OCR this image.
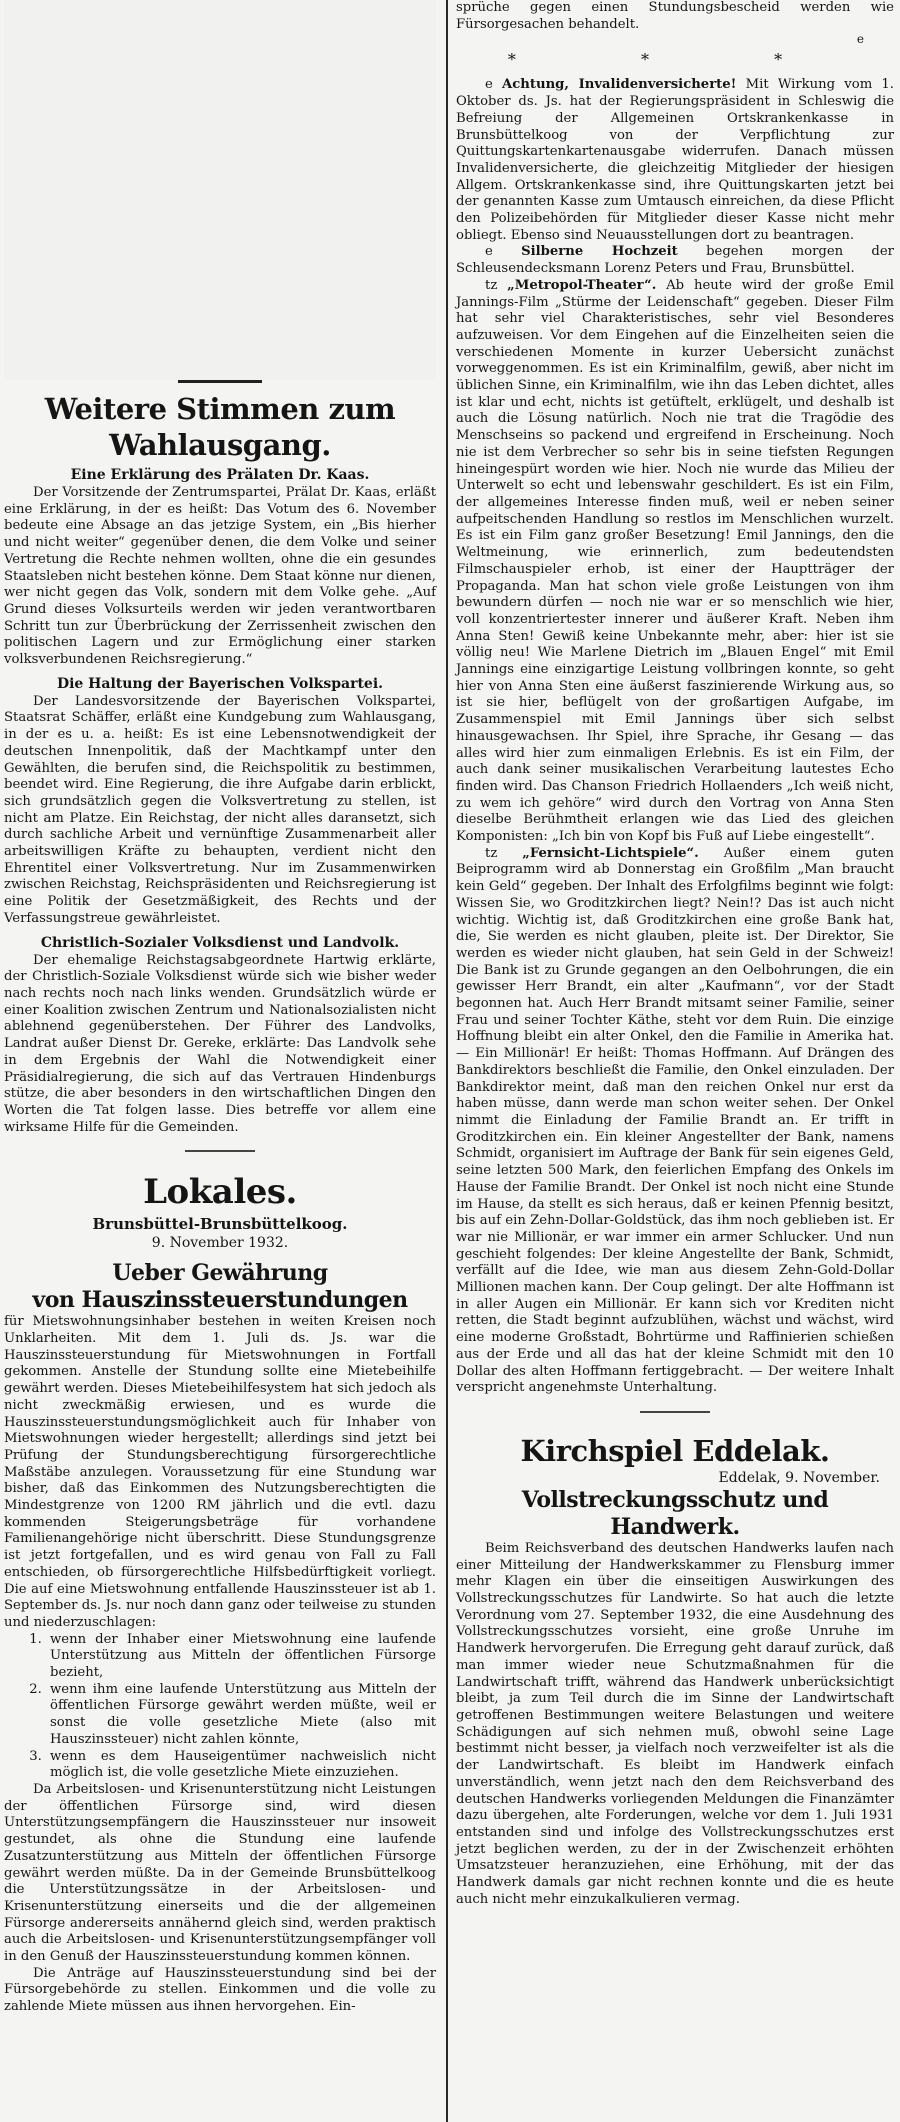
Weitere Stimmen zum Wahlausgang.
Eine Erklärung des Prälaten Dr. Kaas.

Der Vorsitzende der Zentrumspartei, Prälat Dr. Kaas, erläßt eine Erklärung, in der es heißt: Das Votum des 6. November bedeute eine Absage an das jetzige System, ein „Bis hierher und nicht weiter“ gegenüber denen, die dem Volke und seiner Vertretung die Rechte nehmen wollten, ohne die ein gesundes Staatsleben nicht bestehen könne. Dem Staat könne nur dienen, wer nicht gegen das Volk, sondern mit dem Volke gehe. „Auf Grund dieses Volksurteils werden wir jeden verantwortbaren Schritt tun zur Überbrückung der Zerrissenheit zwischen den politischen Lagern und zur Ermöglichung einer starken volksverbundenen Reichsregierung.“

Die Haltung der Bayerischen Volkspartei.

Der Landesvorsitzende der Bayerischen Volkspartei, Staatsrat Schäffer, erläßt eine Kundgebung zum Wahlausgang, in der es u. a. heißt: Es ist eine Lebensnotwendigkeit der deutschen Innenpolitik, daß der Machtkampf unter den Gewählten, die berufen sind, die Reichspolitik zu bestimmen, beendet wird. Eine Regierung, die ihre Aufgabe darin erblickt, sich grundsätzlich gegen die Volksvertretung zu stellen, ist nicht am Platze. Ein Reichstag, der nicht alles daransetzt, sich durch sachliche Arbeit und vernünftige Zusammenarbeit aller arbeitswilligen Kräfte zu behaupten, verdient nicht den Ehrentitel einer Volksvertretung. Nur im Zusammenwirken zwischen Reichstag, Reichspräsidenten und Reichsregierung ist eine Politik der Gesetzmäßigkeit, des Rechts und der Verfassungstreue gewährleistet.

Christlich-Sozialer Volksdienst und Landvolk.

Der ehemalige Reichstagsabgeordnete Hartwig erklärte, der Christlich-Soziale Volksdienst würde sich wie bisher weder nach rechts noch nach links wenden. Grundsätzlich würde er einer Koalition zwischen Zentrum und Nationalsozialisten nicht ablehnend gegenüberstehen. Der Führer des Landvolks, Landrat außer Dienst Dr. Gereke, erklärte: Das Landvolk sehe in dem Ergebnis der Wahl die Notwendigkeit einer Präsidialregierung, die sich auf das Vertrauen Hindenburgs stütze, die aber besonders in den wirtschaftlichen Dingen den Worten die Tat folgen lasse. Dies betreffe vor allem eine wirksame Hilfe für die Gemeinden.

Lokales.
Brunsbüttel-Brunsbüttelkoog.
9. November 1932.
Ueber Gewährung
von Hauszinssteuerstundungen

für Mietswohnungsinhaber bestehen in weiten Kreisen noch Unklarheiten. Mit dem 1. Juli ds. Js. war die Hauszinssteuerstundung für Mietswohnungen in Fortfall gekommen. Anstelle der Stundung sollte eine Mietebeihilfe gewährt werden. Dieses Mietebeihilfesystem hat sich jedoch als nicht zweckmäßig erwiesen, und es wurde die Hauszinssteuerstundungsmöglichkeit auch für Inhaber von Mietswohnungen wieder hergestellt; allerdings sind jetzt bei Prüfung der Stundungsberechtigung fürsorgerechtliche Maßstäbe anzulegen. Voraussetzung für eine Stundung war bisher, daß das Einkommen des Nutzungsberechtigten die Mindestgrenze von 1200 RM jährlich und die evtl. dazu kommenden Steigerungsbeträge für vorhandene Familienangehörige nicht überschritt. Diese Stundungsgrenze ist jetzt fortgefallen, und es wird genau von Fall zu Fall entschieden, ob fürsorgerechtliche Hilfsbedürftigkeit vorliegt. Die auf eine Mietswohnung entfallende Hauszinssteuer ist ab 1. September ds. Js. nur noch dann ganz oder teilweise zu stunden und niederzuschlagen:

1. wenn der Inhaber einer Mietswohnung eine laufende Unterstützung aus Mitteln der öffentlichen Fürsorge bezieht,
2. wenn ihm eine laufende Unterstützung aus Mitteln der öffentlichen Fürsorge gewährt werden müßte, weil er sonst die volle gesetzliche Miete (also mit Hauszinssteuer) nicht zahlen könnte,
3. wenn es dem Hauseigentümer nachweislich nicht möglich ist, die volle gesetzliche Miete einzuziehen.

Da Arbeitslosen- und Krisenunterstützung nicht Leistungen der öffentlichen Fürsorge sind, wird diesen Unterstützungsempfängern die Hauszinssteuer nur insoweit gestundet, als ohne die Stundung eine laufende Zusatzunterstützung aus Mitteln der öffentlichen Fürsorge gewährt werden müßte. Da in der Gemeinde Brunsbüttelkoog die Unterstützungssätze in der Arbeitslosen- und Krisenunterstützung einerseits und die der allgemeinen Fürsorge andererseits annähernd gleich sind, werden praktisch auch die Arbeitslosen- und Krisenunterstützungsempfänger voll in den Genuß der Hauszinssteuerstundung kommen können.

Die Anträge auf Hauszinssteuerstundung sind bei der Fürsorgebehörde zu stellen. Einkommen und die volle zu zahlende Miete müssen aus ihnen hervorgehen. Ein-

sprüche gegen einen Stundungsbescheid werden wie Fürsorgesachen behandelt.

e
* * *

e Achtung, Invalidenversicherte! Mit Wirkung vom 1. Oktober ds. Js. hat der Regierungspräsident in Schleswig die Befreiung der Allgemeinen Ortskrankenkasse in Brunsbüttelkoog von der Verpflichtung zur Quittungskartenkartenausgabe widerrufen. Danach müssen Invalidenversicherte, die gleichzeitig Mitglieder der hiesigen Allgem. Ortskrankenkasse sind, ihre Quittungskarten jetzt bei der genannten Kasse zum Umtausch einreichen, da diese Pflicht den Polizeibehörden für Mitglieder dieser Kasse nicht mehr obliegt. Ebenso sind Neuausstellungen dort zu beantragen.

e Silberne Hochzeit begehen morgen der Schleusendecksmann Lorenz Peters und Frau, Brunsbüttel.

tz „Metropol-Theater“. Ab heute wird der große Emil Jannings-Film „Stürme der Leidenschaft“ gegeben. Dieser Film hat sehr viel Charakteristisches, sehr viel Besonderes aufzuweisen. Vor dem Eingehen auf die Einzelheiten seien die verschiedenen Momente in kurzer Uebersicht zunächst vorweggenommen. Es ist ein Kriminalfilm, gewiß, aber nicht im üblichen Sinne, ein Kriminalfilm, wie ihn das Leben dichtet, alles ist klar und echt, nichts ist getüftelt, erklügelt, und deshalb ist auch die Lösung natürlich. Noch nie trat die Tragödie des Menschseins so packend und ergreifend in Erscheinung. Noch nie ist dem Verbrecher so sehr bis in seine tiefsten Regungen hineingespürt worden wie hier. Noch nie wurde das Milieu der Unterwelt so echt und lebenswahr geschildert. Es ist ein Film, der allgemeines Interesse finden muß, weil er neben seiner aufpeitschenden Handlung so restlos im Menschlichen wurzelt. Es ist ein Film ganz großer Besetzung! Emil Jannings, den die Weltmeinung, wie erinnerlich, zum bedeutendsten Filmschauspieler erhob, ist einer der Hauptträger der Propaganda. Man hat schon viele große Leistungen von ihm bewundern dürfen — noch nie war er so menschlich wie hier, voll konzentriertester innerer und äußerer Kraft. Neben ihm Anna Sten! Gewiß keine Unbekannte mehr, aber: hier ist sie völlig neu! Wie Marlene Dietrich im „Blauen Engel“ mit Emil Jannings eine einzigartige Leistung vollbringen konnte, so geht hier von Anna Sten eine äußerst faszinierende Wirkung aus, so ist sie hier, beflügelt von der großartigen Aufgabe, im Zusammenspiel mit Emil Jannings über sich selbst hinausgewachsen. Ihr Spiel, ihre Sprache, ihr Gesang — das alles wird hier zum einmaligen Erlebnis. Es ist ein Film, der auch dank seiner musikalischen Verarbeitung lautestes Echo finden wird. Das Chanson Friedrich Hollaenders „Ich weiß nicht, zu wem ich gehöre“ wird durch den Vortrag von Anna Sten dieselbe Berühmtheit erlangen wie das Lied des gleichen Komponisten: „Ich bin von Kopf bis Fuß auf Liebe eingestellt“.

tz „Fernsicht-Lichtspiele“. Außer einem guten Beiprogramm wird ab Donnerstag ein Großfilm „Man braucht kein Geld“ gegeben. Der Inhalt des Erfolgfilms beginnt wie folgt: Wissen Sie, wo Groditzkirchen liegt? Nein!? Das ist auch nicht wichtig. Wichtig ist, daß Groditzkirchen eine große Bank hat, die, Sie werden es nicht glauben, pleite ist. Der Direktor, Sie werden es wieder nicht glauben, hat sein Geld in der Schweiz! Die Bank ist zu Grunde gegangen an den Oelbohrungen, die ein gewisser Herr Brandt, ein alter „Kaufmann“, vor der Stadt begonnen hat. Auch Herr Brandt mitsamt seiner Familie, seiner Frau und seiner Tochter Käthe, steht vor dem Ruin. Die einzige Hoffnung bleibt ein alter Onkel, den die Familie in Amerika hat. — Ein Millionär! Er heißt: Thomas Hoffmann. Auf Drängen des Bankdirektors beschließt die Familie, den Onkel einzuladen. Der Bankdirektor meint, daß man den reichen Onkel nur erst da haben müsse, dann werde man schon weiter sehen. Der Onkel nimmt die Einladung der Familie Brandt an. Er trifft in Groditzkirchen ein. Ein kleiner Angestellter der Bank, namens Schmidt, organisiert im Auftrage der Bank für sein eigenes Geld, seine letzten 500 Mark, den feierlichen Empfang des Onkels im Hause der Familie Brandt. Der Onkel ist noch nicht eine Stunde im Hause, da stellt es sich heraus, daß er keinen Pfennig besitzt, bis auf ein Zehn-Dollar-Goldstück, das ihm noch geblieben ist. Er war nie Millionär, er war immer ein armer Schlucker. Und nun geschieht folgendes: Der kleine Angestellte der Bank, Schmidt, verfällt auf die Idee, wie man aus diesem Zehn-Gold-Dollar Millionen machen kann. Der Coup gelingt. Der alte Hoffmann ist in aller Augen ein Millionär. Er kann sich vor Krediten nicht retten, die Stadt beginnt aufzublühen, wächst und wächst, wird eine moderne Großstadt, Bohrtürme und Raffinierien schießen aus der Erde und all das hat der kleine Schmidt mit den 10 Dollar des alten Hoffmann fertiggebracht. — Der weitere Inhalt verspricht angenehmste Unterhaltung.

Kirchspiel Eddelak.
Eddelak, 9. November.
Vollstreckungsschutz und Handwerk.

Beim Reichsverband des deutschen Handwerks laufen nach einer Mitteilung der Handwerkskammer zu Flensburg immer mehr Klagen ein über die einseitigen Auswirkungen des Vollstreckungsschutzes für Landwirte. So hat auch die letzte Verordnung vom 27. September 1932, die eine Ausdehnung des Vollstreckungsschutzes vorsieht, eine große Unruhe im Handwerk hervorgerufen. Die Erregung geht darauf zurück, daß man immer wieder neue Schutzmaßnahmen für die Landwirtschaft trifft, während das Handwerk unberücksichtigt bleibt, ja zum Teil durch die im Sinne der Landwirtschaft getroffenen Bestimmungen weitere Belastungen und weitere Schädigungen auf sich nehmen muß, obwohl seine Lage bestimmt nicht besser, ja vielfach noch verzweifelter ist als die der Landwirtschaft. Es bleibt im Handwerk einfach unverständlich, wenn jetzt nach den dem Reichsverband des deutschen Handwerks vorliegenden Meldungen die Finanzämter dazu übergehen, alte Forderungen, welche vor dem 1. Juli 1931 entstanden sind und infolge des Vollstreckungsschutzes erst jetzt beglichen werden, zu der in der Zwischenzeit erhöhten Umsatzsteuer heranzuziehen, eine Erhöhung, mit der das Handwerk damals gar nicht rechnen konnte und die es heute auch nicht mehr einzukalkulieren vermag.
